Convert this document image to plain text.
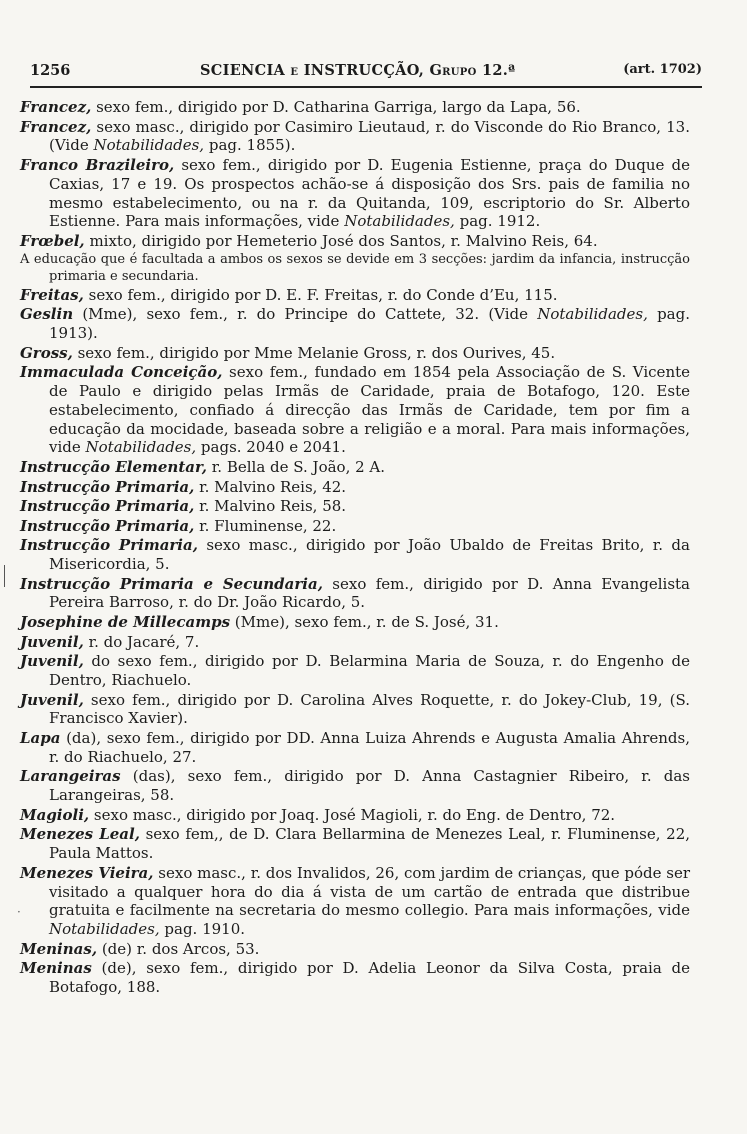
1256	SCIENCIA e INSTRUCÇÃO, Grupo 12.ª	(art. 1702)
Francez, sexo fem., dirigido por D. Catharina Garriga, largo da Lapa, 56.
Francez, sexo masc., dirigido por Casimiro Lieutaud, r. do Visconde do Rio Branco, 13. (Vide Notabilidades, pag. 1855).
Franco Brazileiro, sexo fem., dirigido por D. Eugenia Estienne, praça do Duque de Caxias, 17 e 19. Os prospectos achão-se á disposição dos Srs. pais de familia no mesmo estabelecimento, ou na r. da Quitanda, 109, escriptorio do Sr. Alberto Estienne. Para mais informações, vide Notabilidades, pag. 1912.
Frœbel, mixto, dirigido por Hemeterio José dos Santos, r. Malvino Reis, 64.
A educação que é facultada a ambos os sexos se devide em 3 secções: jardim da infancia, instrucção primaria e secundaria.
Freitas, sexo fem., dirigido por D. E. F. Freitas, r. do Conde d’Eu, 115.
Geslin (Mme), sexo fem., r. do Principe do Cattete, 32. (Vide Notabilidades, pag. 1913).
Gross, sexo fem., dirigido por Mme Melanie Gross, r. dos Ourives, 45.
Immaculada Conceição, sexo fem., fundado em 1854 pela Associação de S. Vicente de Paulo e dirigido pelas Irmãs de Caridade, praia de Botafogo, 120. Este estabelecimento, confiado á direcção das Irmãs de Caridade, tem por fim a educação da mocidade, baseada sobre a religião e a moral. Para mais informações, vide Notabilidades, pags. 2040 e 2041.
Instrucção Elementar, r. Bella de S. João, 2 A.
Instrucção Primaria, r. Malvino Reis, 42.
Instrucção Primaria, r. Malvino Reis, 58.
Instrucção Primaria, r. Fluminense, 22.
Instrucção Primaria, sexo masc., dirigido por João Ubaldo de Freitas Brito, r. da Misericordia, 5.
Instrucção Primaria e Secundaria, sexo fem., dirigido por D. Anna Evangelista Pereira Barroso, r. do Dr. João Ricardo, 5.
Josephine de Millecamps (Mme), sexo fem., r. de S. José, 31.
Juvenil, r. do Jacaré, 7.
Juvenil, do sexo fem., dirigido por D. Belarmina Maria de Souza, r. do Engenho de Dentro, Riachuelo.
Juvenil, sexo fem., dirigido por D. Carolina Alves Roquette, r. do Jokey-Club, 19, (S. Francisco Xavier).
Lapa (da), sexo fem., dirigido por DD. Anna Luiza Ahrends e Augusta Amalia Ahrends, r. do Riachuelo, 27.
Larangeiras (das), sexo fem., dirigido por D. Anna Castagnier Ribeiro, r. das Larangeiras, 58.
Magioli, sexo masc., dirigido por Joaq. José Magioli, r. do Eng. de Dentro, 72.
Menezes Leal, sexo fem,, de D. Clara Bellarmina de Menezes Leal, r. Fluminense, 22, Paula Mattos.
Menezes Vieira, sexo masc., r. dos Invalidos, 26, com jardim de crianças, que póde ser visitado a qualquer hora do dia á vista de um cartão de entrada que distribue gratuita e facilmente na secretaria do mesmo collegio. Para mais informações, vide Notabilidades, pag. 1910.
Meninas, (de) r. dos Arcos, 53.
Meninas (de), sexo fem., dirigido por D. Adelia Leonor da Silva Costa, praia de Botafogo, 188.
·
